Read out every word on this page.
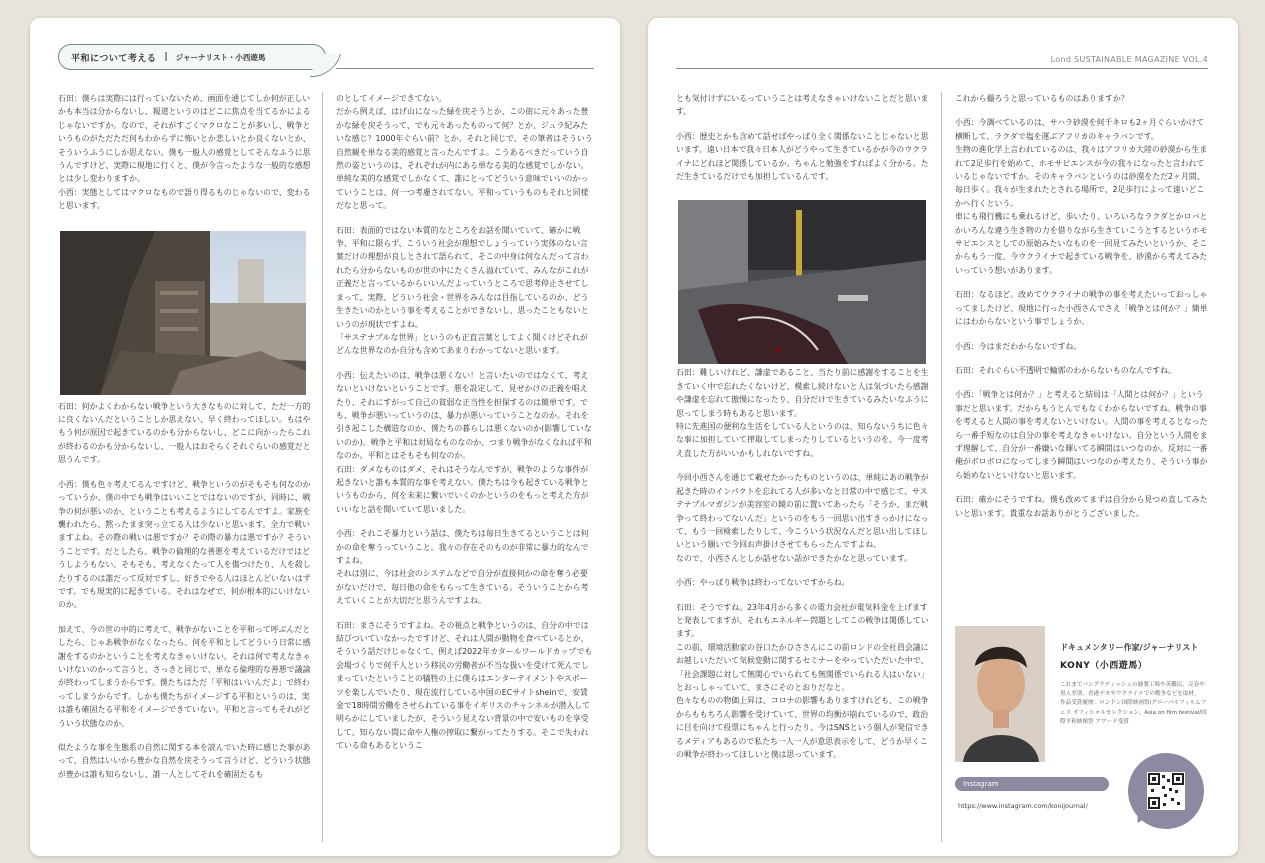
平和について考える | ジャーナリスト・小西遊馬

石田：僕らは実際には行っていないため、画面を通じてしか何が正しいかも本当は分からないし、報道というのはどこに焦点を当てるかによるじゃないですか。なので、それがすごくマクロなことが多いし、戦争というものがただただ何もわからずに怖いとか悲しいとか良くないとか、そういうふうにしか思えない。僕も一般人の感覚としてそんなふうに思うんですけど、実際に現地に行くと、僕が今言ったような一般的な感想とは少し変わりますか。
小西：実態としてはマクロなもので語り得るものじゃないので、変わると思います。

石田：何かよくわからない戦争という大きなものに対して、ただ一方的に良くないんだということしか思えない、早く終わってほしい。もはやもう何が原因で起きているのかも分からないし、どこに向かったらこれが終わるのかも分からないし、一般人はおそらくそれぐらいの感覚だと思うんです。

小西：僕も色々考えてるんですけど、戦争というのがそもそも何なのかっていうか、僕の中でも戦争はいいことではないのですが、同時に、戦争の何が悪いのか、ということも考えるようにしてるんですよ。家族を襲われたら、黙ったまま突っ立てる人は少ないと思います。全力で戦いますよね。その際の戦いは悪ですか？その際の暴力は悪ですか？そういうことです。だとしたら、戦争の倫理的な善悪を考えているだけではどうしようもない。そもそも、考えなくたって人を傷つけたり、人を殺したりするのは誰だって反対ですし、好きでやる人はほとんどいないはずです。でも現実的に起きている。それはなぜで、何が根本的にいけないのか。

加えて、今の世の中的に考えて、戦争がないことを平和って呼ぶんだとしたら、じゃあ戦争がなくなったら、何を平和としてどういう日常に感謝をするのかということを考えなきゃいけない。それは何で考えなきゃいけないのかって言うと、さっきと同じで、単なる倫理的な善悪で議論が終わってしまうからです。僕たちはただ「平和はいいんだよ」で終わってしまうからです。しかも僕たちがイメージする平和というのは、実は誰も確固たる平和をイメージできていない。平和と言ってもそれがどういう状態なのか。

似たような事を生態系の自然に関する本を読んでいた時に感じた事があって、自然はいいから豊かな自然を戻そうって言うけど、どういう状態が豊かは誰も知らないし、誰一人としてそれを確固たるも

のとしてイメージできてない。
だから例えば、はげ山になった緑を戻そうとか、この街に元々あった豊かな緑を戻そうって、でも元々あったものって何？とか、ジュラ紀みたいな感じ？1000年ぐらい前？とか。それと同じで、その筆者はそういう自然観を単なる美的感覚と言ったんですよ。こうあるべきだっていう自然の姿というのは、それぞれが内にある単なる美的な感覚でしかない。単純な美的な感覚でしかなくて、誰にとってどういう意味でいいのかっていうことは、何一つ考慮されてない。平和っていうものもそれと同様だなと思って。

石田：表面的ではない本質的なところをお話を聞いていて、確かに戦争、平和に限らず、こういう社会が理想でしょうっていう実体のない言葉だけの理想が良しとされて語られて、そこの中身は何なんだって言われたら分からないものが世の中にたくさん溢れていて、みんながこれが正義だと言っているからいいんだよっていうところで思考停止させてしまって、実際、どういう社会・世界をみんなは目指しているのか、どう生きたいのかという事を考えることができないし、思ったこともないというのが現状ですよね。
「サステナブルな世界」というのも正直言葉としてよく聞くけどそれがどんな世界なのか自分も含めてあまりわかってないと思います。

小西：伝えたいのは、戦争は悪くない！と言いたいのではなくて、考えないといけないということです。悪を設定して、見せかけの正義を唱えたり、それにすがって自己の貧弱な正当性を担保するのは簡単です。でも、戦争が悪いっていうのは、暴力が悪いっていうことなのか。それを引き起こした構造なのか、僕たちの暮らしは悪くないのか(影響していないのか)。戦争と平和は対局なものなのか、つまり戦争がなくなれば平和なのか。平和とはそもそも何なのか。
石田：ダメなものはダメ、それはそうなんですが、戦争のような事件が起きないと誰も本質的な事を考えない。僕たちは今も起きている戦争というものから、何を未来に繋いでいくのかというのをもっと考えた方がいいなと話を聞いていて思いました。

小西：それこそ暴力という話は、僕たちは毎日生きてるということは何かの命を奪うっていうこと。我々の存在そのものが非常に暴力的なんですよね。
それは別に、今は社会のシステムなどで自分が直接何かの命を奪う必要がないだけで、毎日他の命をもらって生きている。そういうことから考えていくことが大切だと思うんですよね。

石田：まさにそうですよね。その視点と戦争というのは、自分の中では結びついていなかったですけど、それは人間が動物を食べているとか、そういう話だけじゃなくて、例えば2022年カタールワールドカップでも会場づくりで何千人という移民の労働者が不当な扱いを受けて死んでしまっていたということの犠牲の上に僕らはエンターテイメントやスポーツを楽しんでいたり、現在流行している中国のECサイトsheinで、安賃金で18時間労働をさせられている事をイギリスのチャンネルが潜入して明らかにしていましたが、そういう見えない背景の中で安いものを享受して、知らない間に命や人権の搾取に繋がってたりする。そこで失われている命もあるというこ

Lond SUSTAINABLE MAGAZINE VOL.4

とも気付けずにいるっていうことは考えなきゃいけないことだと思います。

小西：歴史とかも含めて話せばやっぱり全く関係ないことじゃないと思います。遠い日本で我々日本人がどうやって生きているかが今のウクライナにどれほど関係しているか。ちゃんと勉強をすればよく分かる。ただ生きているだけでも加担しているんです。

石田：難しいけれど、謙虚であること、当たり前に感謝をすることを生きていく中で忘れたくないけど、模索し続けないと人は気づいたら感謝や謙虚を忘れて傲慢になったり、自分だけで生きているみたいなふうに思ってしまう時もあると思います。
特に先進国の便利な生活をしている人というのは、知らないうちに色々な事に加担していて搾取してしまったりしているというのを、今一度考え直した方がいいかもしれないですね。

今回小西さんを通じて載せたかったものというのは、単純にあの戦争が起きた時のインパクトを忘れてる人が多いなと日常の中で感じて、サステナブルマガジンが美容室の鏡の前に置いてあったら「そうか、まだ戦争って終わってないんだ」というのをもう一回思い出すきっかけになって、もう一回検索したりして、今こういう状況なんだと思い出してほしいという願いで今回お声掛けさせてもらったんですよね。
なので、小西さんとしか話せない話ができたかなと思っています。

小西：やっぱり戦争は終わってないですからね。

石田：そうですね。23年4月から多くの電力会社が電気料金を上げますと発表してますが、それもエネルギー問題としてこの戦争は関係しています。
この前、環境活動家の谷口たかひささんにこの前ロンドの全社員会議にお越しいただいて気候変動に関するセミナーをやっていただいた中で、「社会課題に対して無関心でいられても無関係でいられる人はいない」とおっしゃっていて、まさにそのとおりだなと。
色々なものの物価上昇は、コロナの影響もありますけれども、この戦争からももちろん影響を受けていて、世界の均衡が崩れているので、政治に目を向けて投票にちゃんと行ったり、今はSNSという個人が発信できるメディアもあるので私たち一人一人が意思表示をして、どうか早くこの戦争が終わってほしいと僕は思っています。

これから撮ろうと思っているものはありますか？

小西：今調べているのは、サハラ砂漠を何千キロも2ヶ月ぐらいかけて横断して、ラクダで塩を運ぶアフリカのキャラバンです。
生物の進化学上言われているのは、我々はアフリカ大陸の砂漠から生まれて2足歩行を始めて、ホモサピエンスが今の我々になったと言われているじゃないですか。そのキャラバンというのは砂漠をただ2ヶ月間、毎日歩く。我々が生まれたとされる場所で、2足歩行によって遠いどこかへ行くという。
車にも飛行機にも乗れるけど、歩いたり、いろいろなラクダとかロバとかいろんな違う生き物の力を借りながら生きていこうとするというホモサピエンスとしての原始みたいなものを一回見てみたいというか、そこからもう一度、今ウクライナで起きている戦争を、砂漠から考えてみたいっていう想いがあります。

石田：なるほど。改めてウクライナの戦争の事を考えたいっておっしゃってましたけど、現地に行った小西さんでさえ「戦争とは何か？」簡単にはわからないという事でしょうか。

小西：今はまだわからないですね。

石田：それぐらい不透明で輪郭のわからないものなんですね。

小西：「戦争とは何か？」と考えると結局は「人間とは何か？」という事だと思います。だからもうとんでもなくわからないですね。戦争の事を考えると人間の事を考えないといけない。人間の事を考えるとなったら一番手短なのは自分の事を考えなきゃいけない。自分という人間をまず理解して、自分が一番嫌いな輝いてる瞬間はいつなのか。反対に一番俺がボロボロになってしまう瞬間はいつなのか考えたり、そういう事から始めないといけないと思います。

石田：確かにそうですね。僕も改めてまずは自分から見つめ直してみたいと思います。貴重なお話ありがとうございました。

ドキュメンタリー作家/ジャーナリスト
KONY（小西遊馬）
これまでバングラディッシュの縫製工場や英難民、売春や黒人差別、香港デモやウクライナでの戦争などを取材。
作品受賞履歴：ロンドン国際映画祭/グローバルフィルムフェス オフィシャルセレクション、Asia on film festival/国際平和映像祭 アワード受賞
Instagram
https://www.instagram.com/konijournal/
